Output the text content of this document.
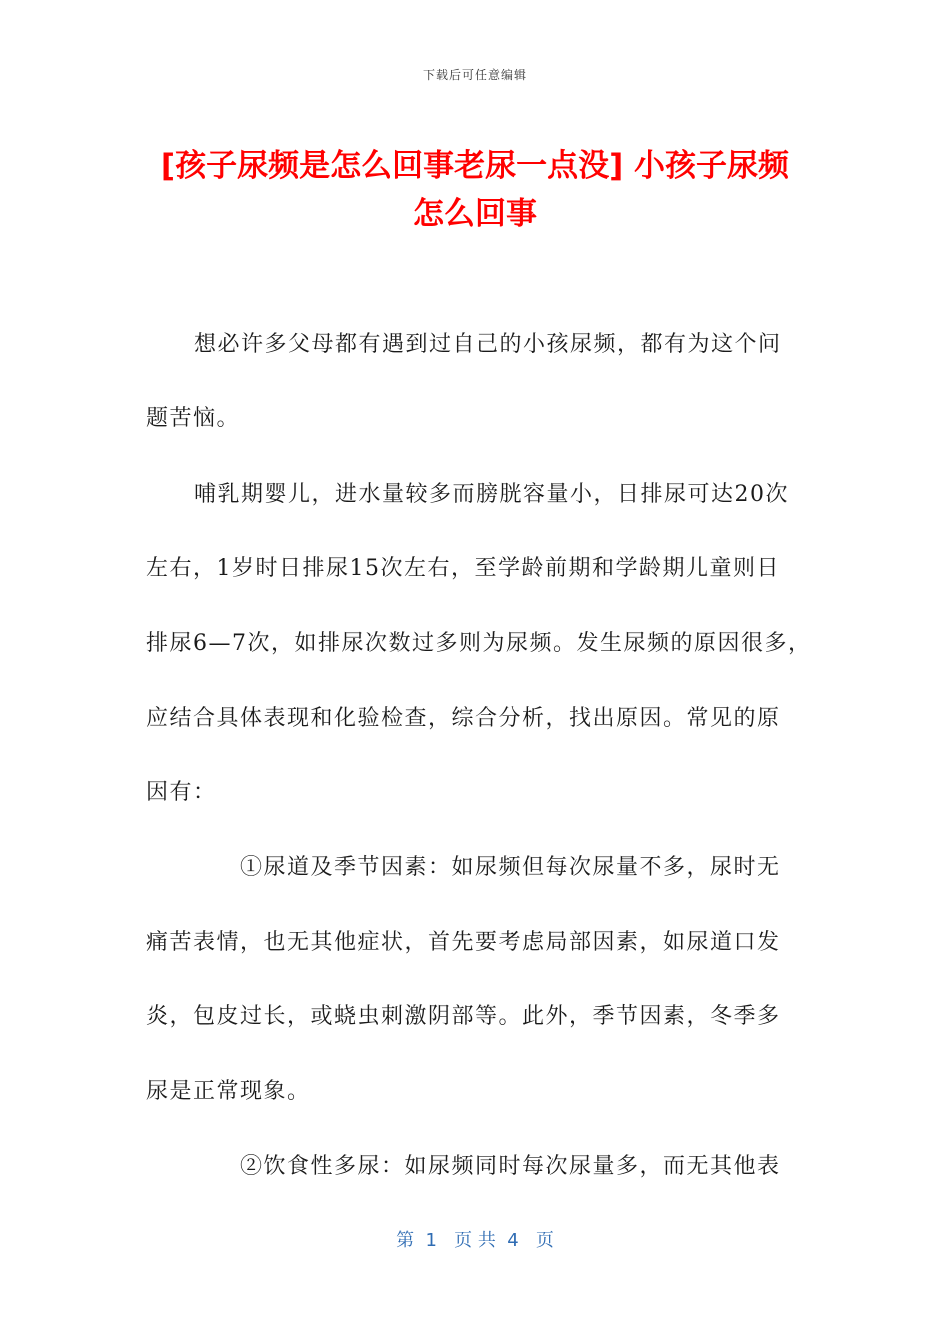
下载后可任意编辑
[孩子尿频是怎么回事老尿一点没] 小孩子尿频怎么回事
想必许多父母都有遇到过自己的小孩尿频，都有为这个问
题苦恼。
哺乳期婴儿，进水量较多而膀胱容量小，日排尿可达20次
左右，1岁时日排尿15次左右，至学龄前期和学龄期儿童则日
排尿6—7次，如排尿次数过多则为尿频。发生尿频的原因很多，
应结合具体表现和化验检查，综合分析，找出原因。常见的原
因有：
①尿道及季节因素：如尿频但每次尿量不多，尿时无
痛苦表情，也无其他症状，首先要考虑局部因素，如尿道口发
炎，包皮过长，或蛲虫刺激阴部等。此外，季节因素，冬季多
尿是正常现象。
②饮食性多尿：如尿频同时每次尿量多，而无其他表
第  1   页 共  4   页
